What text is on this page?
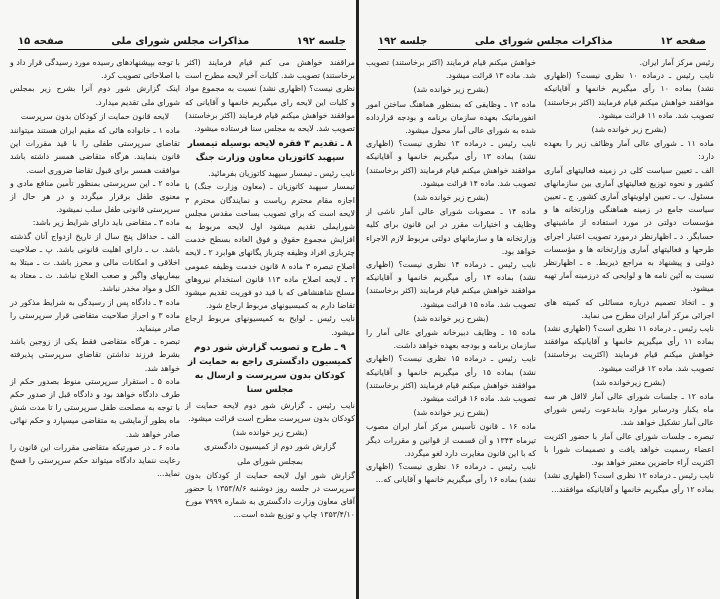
جلسه ۱۹۲
مذاکرات مجلس شورای ملی
صفحه ۱۵

مراقفند خواهش می کنم قیام فرمایند (اکثر برخاستند) تصویب شد. کلیات آخر لایحه مطرح است نظری نیست؟ (اظهاری نشد) نسبت به مجموع مواد و کلیات این لایحه رای میگیریم خانمها و آقایانی که موافقند خواهش میکنم قیام فرمایند (اکثر برخاستند) تصویب شد. لایحه به مجلس سنا فرستاده میشود.

۸ ـ تقدیم ۳ فقره لایحه بوسیله تیمسار سپهبد کاتوزیان معاون وزارت جنگ

نایب رئیس ـ تیمسار سپهبد کاتوزیان بفرمائید.

تیمسار سپهبد کاتوزیان ـ (معاون وزارت جنگ) با اجازه مقام محترم ریاست و نمایندگان محترم ۳ لایحه است که برای تصویب بساحت مقدس مجلس شورایملی تقدیم میشود اول لایحه مربوط به افزایش مجموع حقوق و فوق العاده بسطح خدمت چتربازی افراد وظیفه چترباز یگانهای هوابرد ۲ ـ لایحه اصلاح تبصره ۳ ماده ۸ قانون خدمت وظیفه عمومی ۳ ـ لایحه اصلاح ماده ۱۱۳ قانون استخدام نیروهای مسلح شاهنشاهی که با قید دو فوریت تقدیم میشود تقاضا دارم به کمیسیونهای مربوط ارجاع شود.

نایب رئیس ـ لوایح به کمیسیونهای مربوط ارجاع میشود.

۹ ـ طرح و تصویب گزارش شور دوم کمیسیون دادگستری راجع به حمایت از کودکان بدون سرپرست و ارسال به مجلس سنا

نایب رئیس ـ گزارش شور دوم لایحه حمایت از کودکان بدون سرپرست مطرح است قرائت میشود.

(بشرح زیر خوانده شد)

گزارش شور دوم از کمیسیون دادگستری

بمجلس شورای ملی

گزارش شور اول لایحه حمایت از کودکان بدون سرپرست در جلسه روز دوشنبه ۱۳۵۳/۸/۶ با حضور آقای معاون وزارت دادگستری به شماره ۷۹۹۹ مورخ ۱۳۵۳/۴/۱۰ چاپ و توزیع شده است...

با توجه بپیشنهادهای رسیده مورد رسیدگی قرار داد و با اصلاحاتی تصویب کرد.

اینک گزارش شور دوم آنرا بشرح زیر بمجلس شورای ملی تقدیم میدارد.

لایحه قانون حمایت از کودکان بدون سرپرست

ماده ۱ ـ خانواده هائی که مقیم ایران هستند میتوانند تقاضای سرپرستی طفلی را با قید مقررات این قانون بنمایند. هرگاه متقاضی همسر داشته باشد موافقت همسر برای قبول تقاضا ضروری است.

ماده ۲ ـ این سرپرستی بمنظور تأمین منافع مادی و معنوی طفل برقرار میگردد و در هر حال از سرپرستی قانونی طفل سلب نمیشود.

ماده ۳ ـ متقاضی باید دارای شرایط زیر باشد:

الف ـ حداقل پنج سال از تاریخ ازدواج آنان گذشته باشد. ب ـ دارای اهلیت قانونی باشد. پ ـ صلاحیت اخلاقی و امکانات مالی و محرز باشد. ت ـ مبتلا به بیماریهای واگیر و صعب العلاج نباشد. ث ـ معتاد به الکل و مواد مخدر نباشد.

ماده ۴ ـ دادگاه پس از رسیدگی به شرایط مذکور در ماده ۳ و احراز صلاحیت متقاضی قرار سرپرستی را صادر مینماید.

تبصره ـ هرگاه متقاضی فقط یکی از زوجین باشد بشرط فرزند نداشتن تقاضای سرپرستی پذیرفته خواهد شد.

ماده ۵ ـ استقرار سرپرستی منوط بصدور حکم از طرف دادگاه خواهد بود و دادگاه قبل از صدور حکم با توجه به مصلحت طفل سرپرستی را تا مدت شش ماه بطور آزمایشی به متقاضی میسپارد و حکم نهائی صادر خواهد شد.

ماده ۶ ـ در صورتیکه متقاضی مقررات این قانون را رعایت ننماید دادگاه میتواند حکم سرپرستی را فسخ نماید...

صفحه ۱۲
مذاکرات مجلس شورای ملی
جلسه ۱۹۲

رئیس مرکز آمار ایران.

نایب رئیس ـ درماده ۱۰ نظری نیست؟ (اظهاری نشد) بماده ۱۰ رأی میگیریم خانمها و آقایانیکه موافقند خواهش میکنم قیام فرمایند (اکثر برخاستند) تصویب شد. ماده ۱۱ قرائت میشود.

(بشرح زیر خوانده شد)

ماده ۱۱ ـ شورای عالی آمار وظائف زیر را بعهده دارد:

الف ـ تعیین سیاست کلی در زمینه فعالیتهای آماری کشور و نحوه توزیع فعالیتهای آماری بین سازمانهای مسئول. ب ـ تعیین اولویتهای آماری کشور. ج ـ تعیین سیاست جامع در زمینه هماهنگی وزارتخانه ها و مؤسسات دولتی در مورد استفاده از ماشینهای حسابگر. د ـ اظهارنظر درمورد تصویب اعتبار اجرای طرحها و فعالیتهای آماری وزارتخانه ها و مؤسسات دولتی و پیشنهاد به مراجع ذیربط. ه ـ اظهارنظر نسبت به آئین نامه ها و لوایحی که درزمینه آمار تهیه میشود.

و ـ اتخاذ تصمیم درباره مسائلی که کمیته های اجرائی مرکز آمار ایران مطرح می نماید.

نایب رئیس ـ درماده ۱۱ نظری است؟ (اظهاری نشد) بماده ۱۱ رأی میگیریم خانمها و آقایانیکه موافقند خواهش میکنم قیام فرمایند (اکثریت برخاستند) تصویب شد. ماده ۱۲ قرائت میشود.

(بشرح زیرخوانده شد)

ماده ۱۲ ـ جلسات شورای عالی آمار لااقل هر سه ماه یکبار ودرسایر موارد بنابدعوت رئیس شورای عالی آمار تشکیل خواهد شد.

تبصره ـ جلسات شورای عالی آمار با حضور اکثریت اعضاء رسمیت خواهد یافت و تصمیمات شورا با اکثریت آراء حاضرین معتبر خواهد بود.

نایب رئیس ـ درماده ۱۲ نظری است؟ (اظهاری نشد) بماده ۱۲ رأی میگیریم خانمها و آقایانیکه موافقند...

خواهش میکنم قیام فرمایند (اکثر برخاستند) تصویب شد. ماده ۱۳ قرائت میشود.

(بشرح زیر خوانده شد)

ماده ۱۳ ـ وظایفی که بمنظور هماهنگ ساختن امور انفورماتیک بعهده سازمان برنامه و بودجه قرارداده شده به شورای عالی آمار محول میشود.

نایب رئیس ـ درماده ۱۳ نظری نیست؟ (اظهاری نشد) بماده ۱۳ رأی میگیریم خانمها و آقایانیکه موافقند خواهش میکنم قیام فرمایند (اکثر برخاستند) تصویب شد. ماده ۱۴ قرائت میشود.

(بشرح زیر خوانده شد)

ماده ۱۴ ـ مصوبات شورای عالی آمار ناشی از وظایف و اختیارات مقرر در این قانون برای کلیه وزارتخانه ها و سازمانهای دولتی مربوط لازم الاجراء خواهد بود.

نایب رئیس ـ درماده ۱۴ نظری نیست؟ (اظهاری نشد) بماده ۱۴ رأی میگیریم خانمها و آقایانیکه موافقند خواهش میکنم قیام فرمایند (اکثر برخاستند) تصویب شد. ماده ۱۵ قرائت میشود.

(بشرح زیر خوانده شد)

ماده ۱۵ ـ وظایف دبیرخانه شورای عالی آمار را سازمان برنامه و بودجه بعهده خواهد داشت.

نایب رئیس ـ درماده ۱۵ نظری نیست؟ (اظهاری نشد) بماده ۱۵ رأی میگیریم خانمها و آقایانیکه موافقند خواهش میکنم قیام فرمایند (اکثر برخاستند) تصویب شد. ماده ۱۶ قرائت میشود.

(بشرح زیر خوانده شد)

ماده ۱۶ ـ قانون تأسیس مرکز آمار ایران مصوب تیرماه ۱۳۴۴ و آن قسمت از قوانین و مقررات دیگر که با این قانون مغایرت دارد لغو میگردد.

نایب رئیس ـ درماده ۱۶ نظری نیست؟ (اظهاری نشد) بماده ۱۶ رأی میگیریم خانمها و آقایانی که...
